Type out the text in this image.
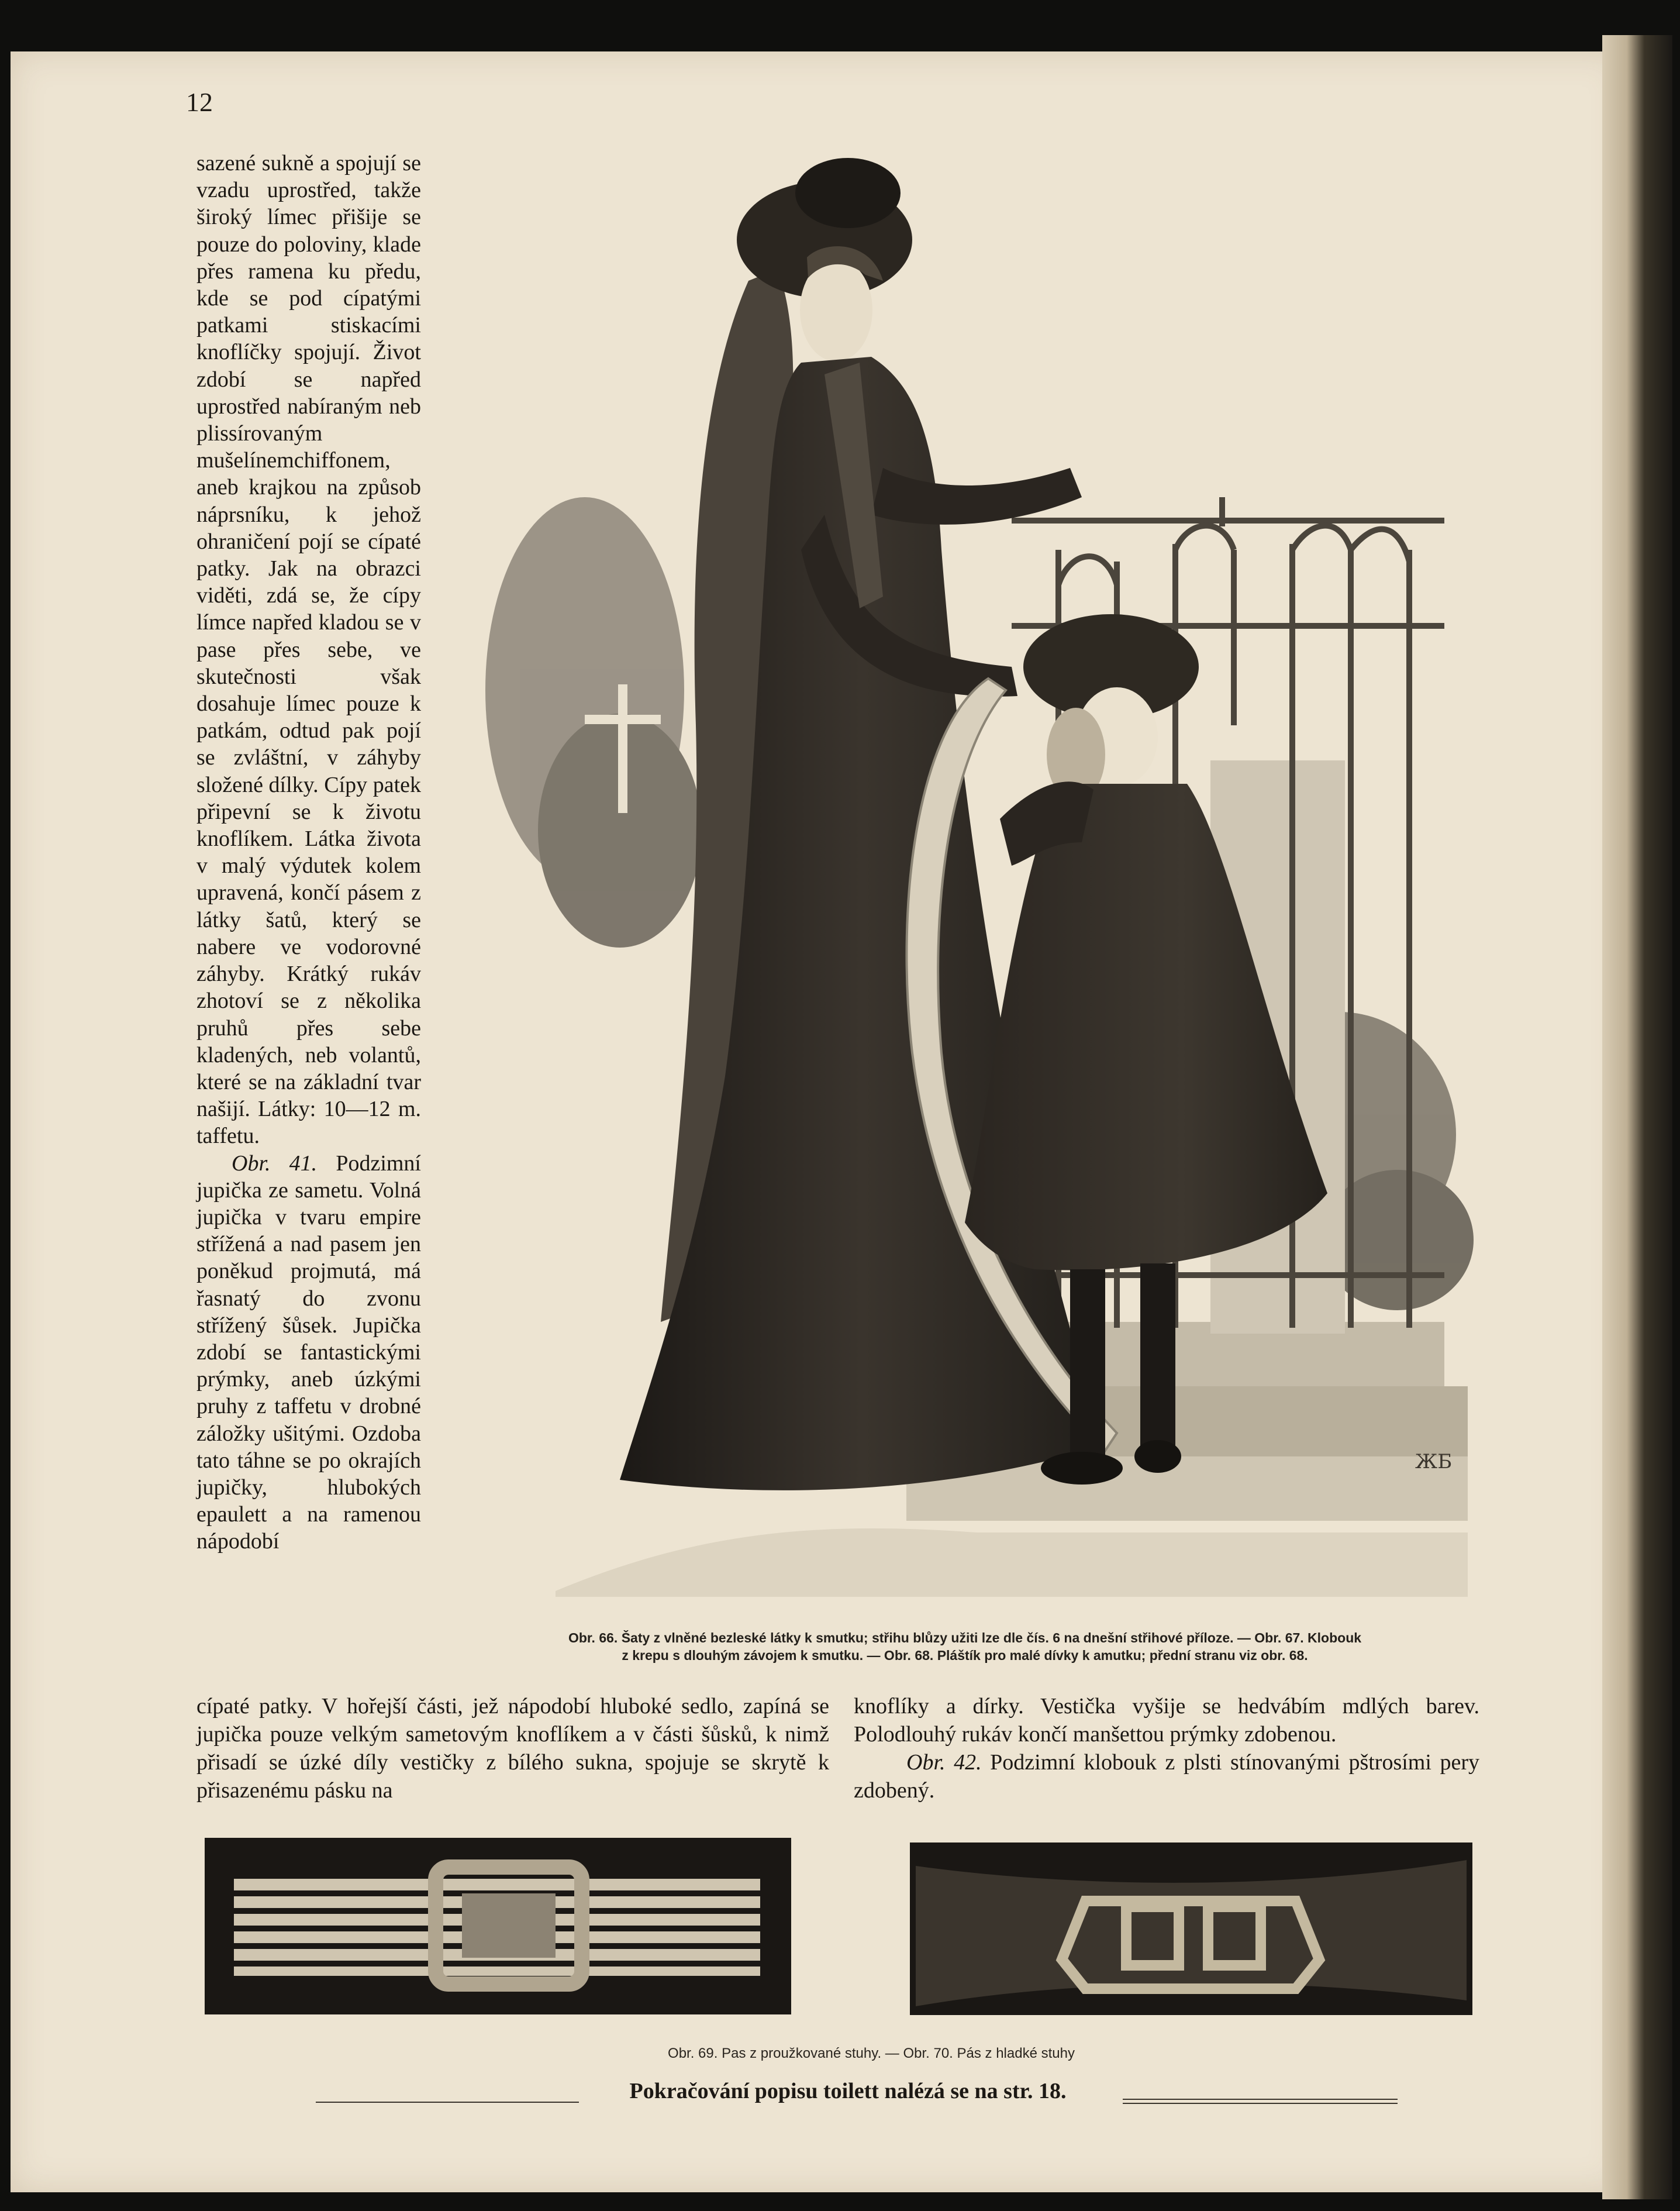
12

sazené sukně a spojují se vzadu uprostřed, takže široký límec přišije se pouze do poloviny, klade přes ramena ku předu, kde se pod cípatými patkami stiskacími knoflíčky spojují. Život zdobí se napřed uprostřed nabíraným neb plissírovaným mušelínemchiffonem, aneb krajkou na způsob náprsníku, k jehož ohraničení pojí se cípaté patky. Jak na obrazci viděti, zdá se, že cípy límce napřed kladou se v pase přes sebe, ve skutečnosti však dosahuje límec pouze k patkám, odtud pak pojí se zvláštní, v záhyby složené dílky. Cípy patek připevní se k životu knoflíkem. Látka života v malý výdutek kolem upravená, končí pásem z látky šatů, který se nabere ve vodorovné záhyby. Krátký rukáv zhotoví se z několika pruhů přes sebe kladených, neb volantů, které se na základní tvar našijí. Látky: 10—12 m. taffetu.

Obr. 41. Podzimní jupička ze sametu. Volná jupička v tvaru empire střížená a nad pasem jen poněkud projmutá, má řasnatý do zvonu střížený šůsek. Jupička zdobí se fantastickými prýmky, aneb úzkými pruhy z taffetu v drobné záložky ušitými. Ozdoba tato táhne se po okrajích jupičky, hlubokých epaulett a na ramenou nápodobí

ЖБ
Obr. 66. Šaty z vlněné bezleské látky k smutku; střihu blůzy užiti lze dle čís. 6 na dnešní střihové příloze. — Obr. 67. Klobouk
z krepu s dlouhým závojem k smutku. — Obr. 68. Pláštík pro malé dívky k amutku; přední stranu viz obr. 68.

cípaté patky. V hořejší části, jež nápodobí hluboké sedlo, zapíná se jupička pouze velkým sametovým knoflíkem a v části šůsků, k nimž přisadí se úzké díly vestičky z bílého sukna, spojuje se skrytě k přisazenému pásku na

knoflíky a dírky. Vestička vyšije se hedvábím mdlých barev. Polodlouhý rukáv končí manšettou prýmky zdobenou.

Obr. 42. Podzimní klobouk z plsti stínovanými pštrosími pery zdobený.

Obr. 69. Pas z proužkované stuhy. — Obr. 70. Pás z hladké stuhy
Pokračování popisu toilett nalézá se na str. 18.
